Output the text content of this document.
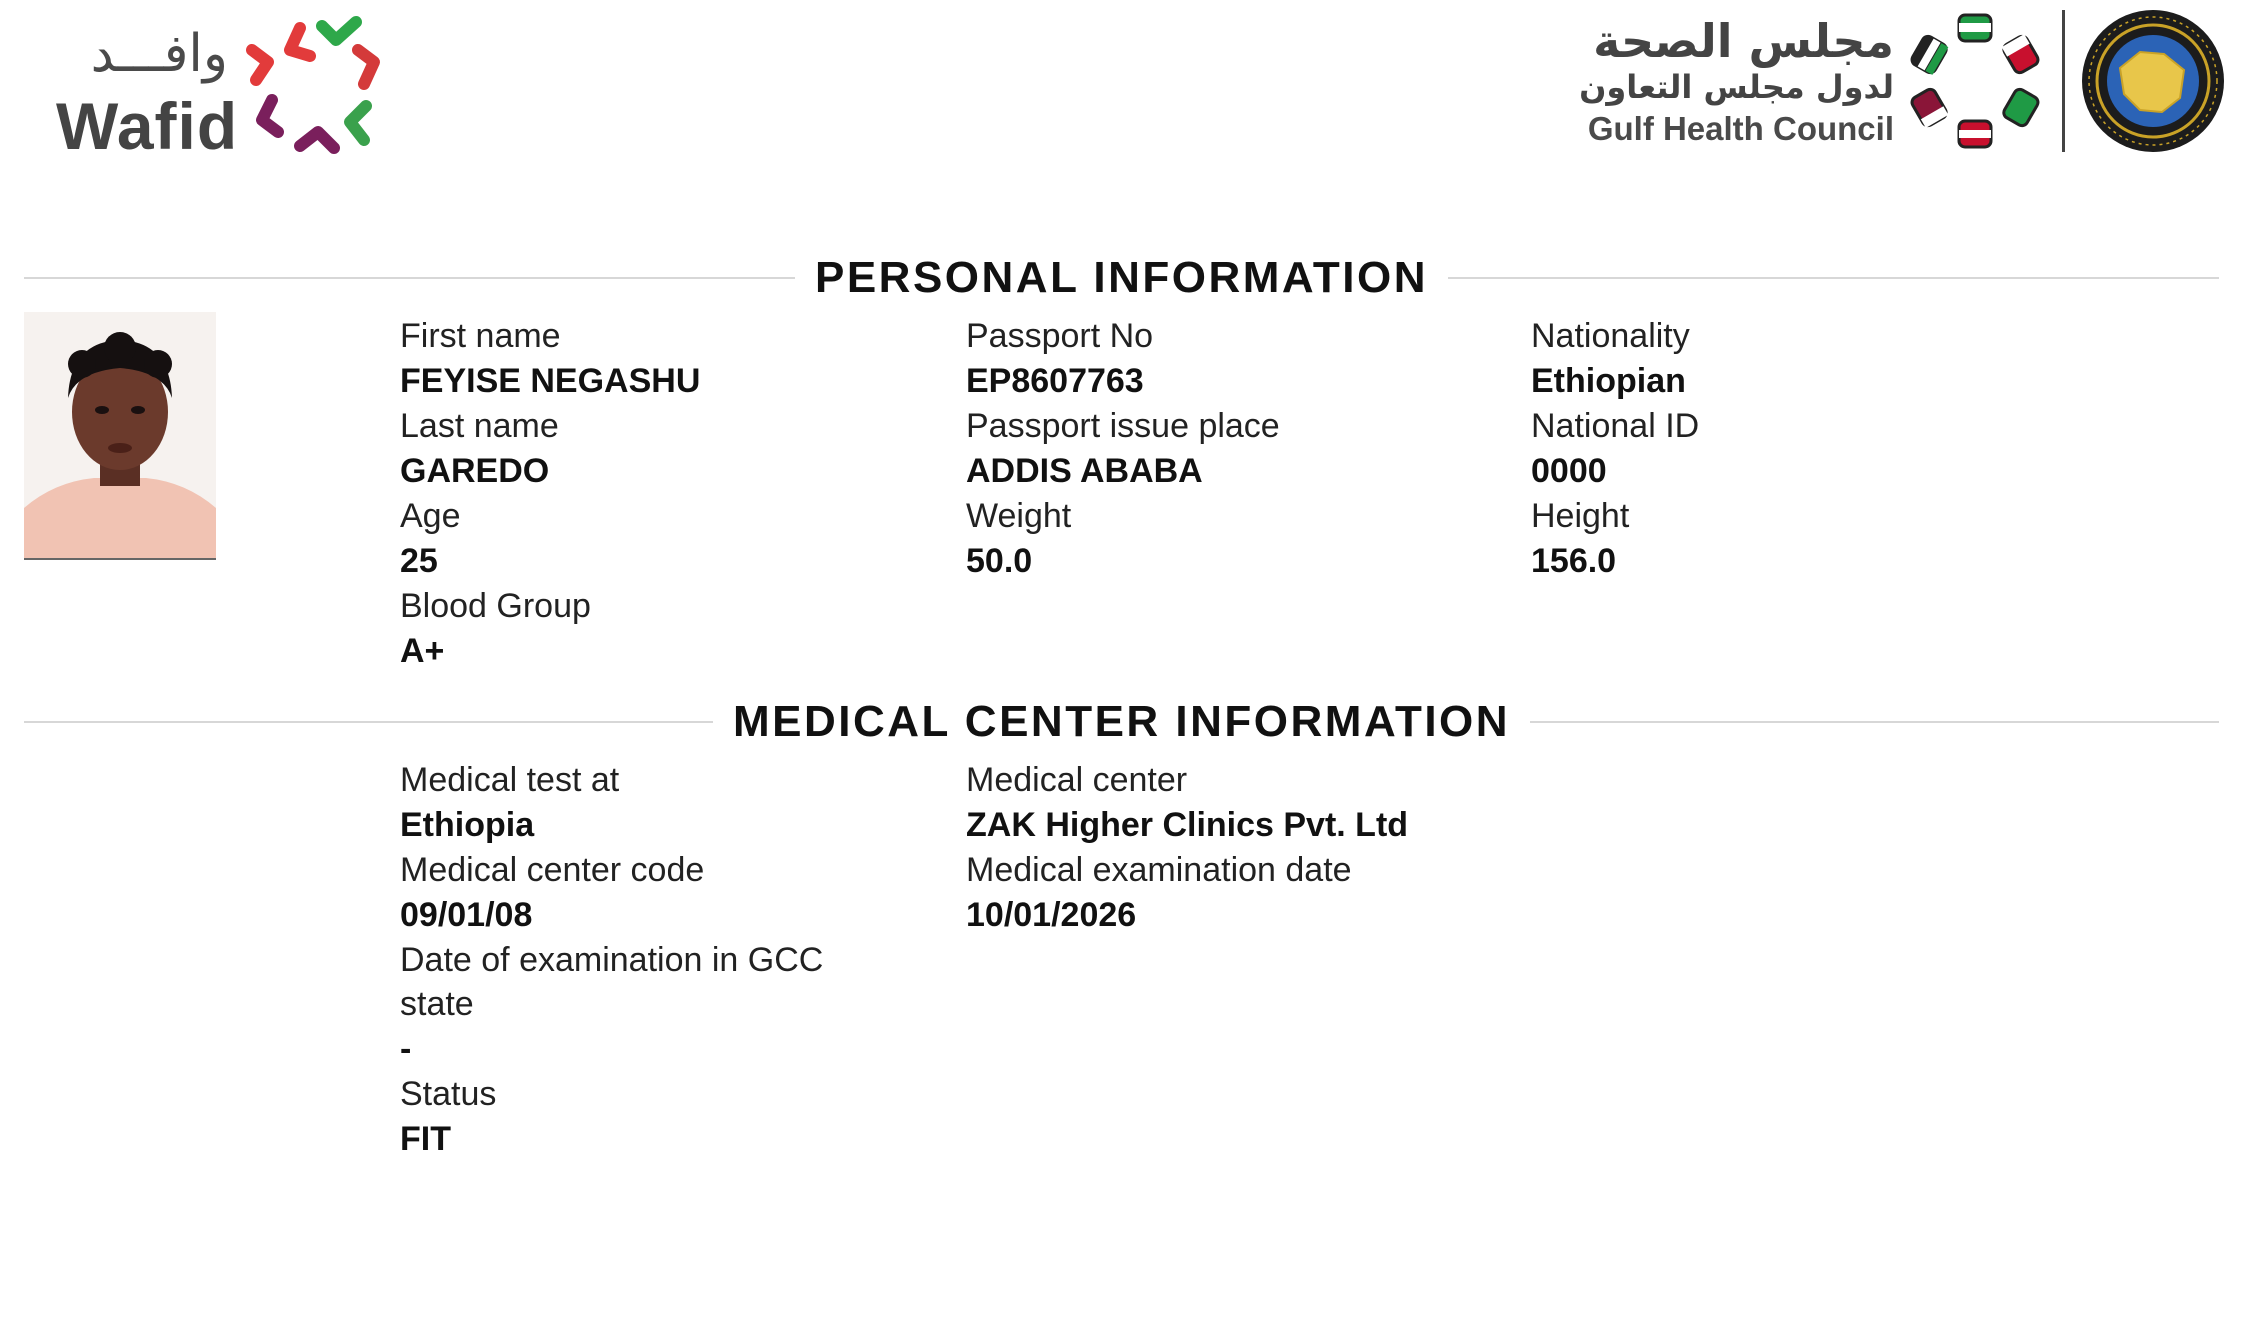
وافـــد
Wafid
مجلس الصحة
لدول مجلس التعاون
Gulf Health Council
PERSONAL INFORMATION
First name
FEYISE NEGASHU
Last name
GAREDO
Age
25
Blood Group
A+
Passport No
EP8607763
Passport issue place
ADDIS ABABA
Weight
50.0
Nationality
Ethiopian
National ID
0000
Height
156.0
MEDICAL CENTER INFORMATION
Medical test at
Ethiopia
Medical center code
09/01/08
Date of examination in GCC state
-
Status
FIT
Medical center
ZAK Higher Clinics Pvt. Ltd
Medical examination date
10/01/2026
